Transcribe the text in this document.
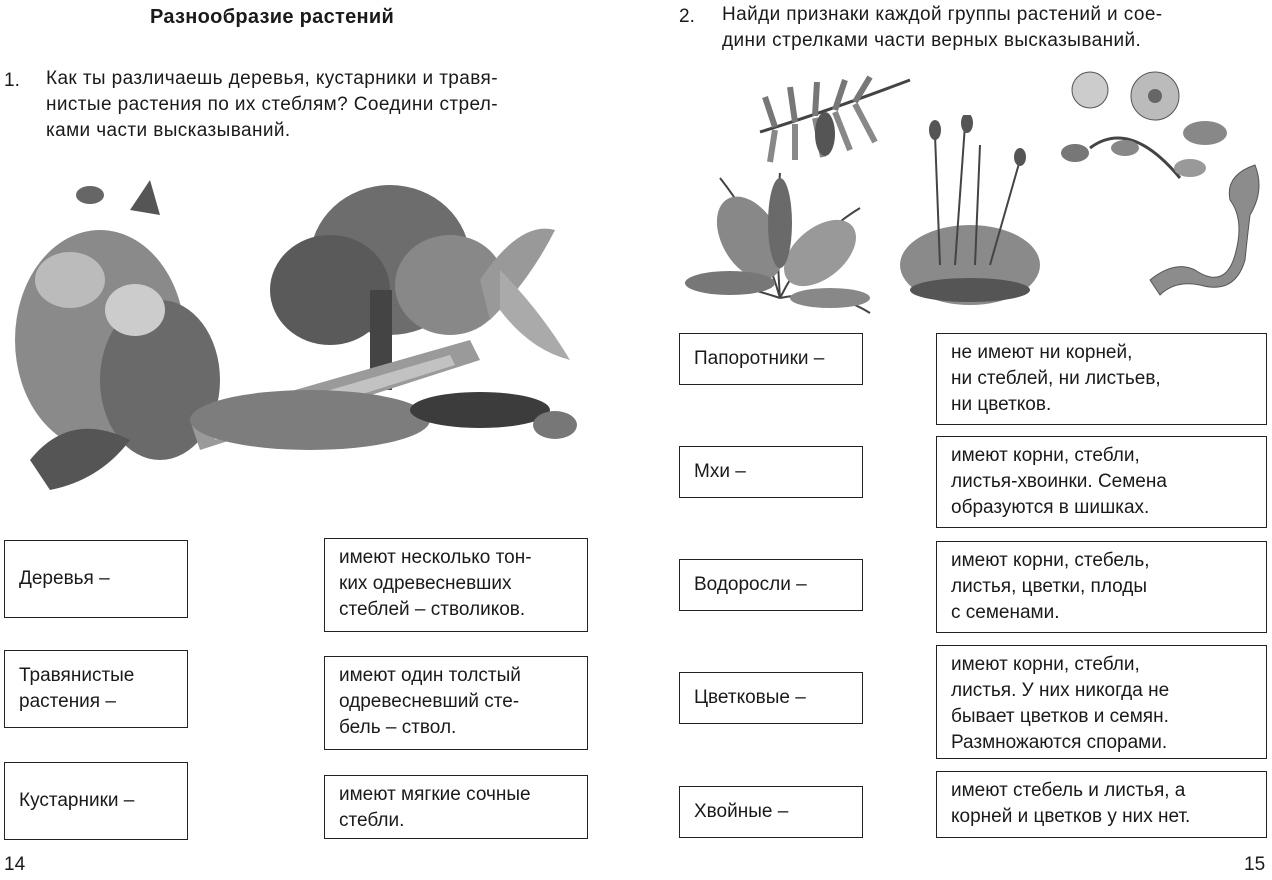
Разнообразие растений
1. Как ты различаешь деревья, кустарники и травя-
нистые растения по их стеблям? Соедини стрел-
ками части высказываний.
Деревья –
Травянистые
растения –
Кустарники –
имеют несколько тон-
ких одревесневших
стеблей – стволиков.
имеют один толстый
одревесневший сте-
бель – ствол.
имеют мягкие сочные
стебли.
14
2. Найди признаки каждой группы растений и сое-
дини стрелками части верных высказываний.
Папоротники –
Мхи –
Водоросли –
Цветковые –
Хвойные –
не имеют ни корней,
ни стеблей, ни листьев,
ни цветков.
имеют корни, стебли,
листья-хвоинки. Семена
образуются в шишках.
имеют корни, стебель,
листья, цветки, плоды
с семенами.
имеют корни, стебли,
листья. У них никогда не
бывает цветков и семян.
Размножаются спорами.
имеют стебель и листья, а
корней и цветков у них нет.
15
